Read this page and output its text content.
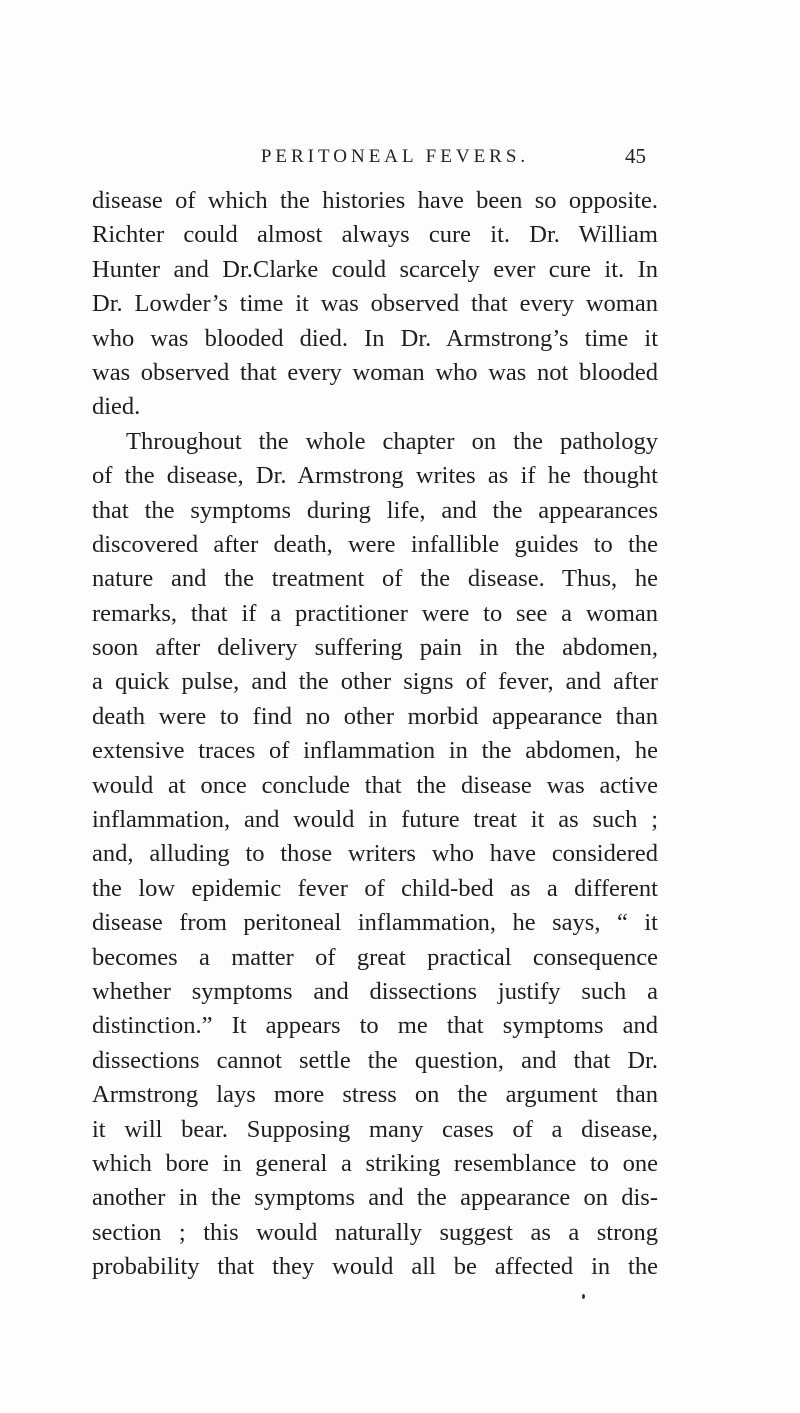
PERITONEAL FEVERS.	45
disease of which the histories have been so opposite.
Richter could almost always cure it. Dr. William
Hunter and Dr.Clarke could scarcely ever cure it. In
Dr. Lowder’s time it was observed that every woman
who was blooded died. In Dr. Armstrong’s time it
was observed that every woman who was not blooded
died.
Throughout the whole chapter on the pathology
of the disease, Dr. Armstrong writes as if he thought
that the symptoms during life, and the appearances
discovered after death, were infallible guides to the
nature and the treatment of the disease. Thus, he
remarks, that if a practitioner were to see a woman
soon after delivery suffering pain in the abdomen,
a quick pulse, and the other signs of fever, and after
death were to find no other morbid appearance than
extensive traces of inflammation in the abdomen, he
would at once conclude that the disease was active
inflammation, and would in future treat it as such ;
and, alluding to those writers who have considered
the low epidemic fever of child-bed as a different
disease from peritoneal inflammation, he says, “ it
becomes a matter of great practical consequence
whether symptoms and dissections justify such a
distinction.” It appears to me that symptoms and
dissections cannot settle the question, and that Dr.
Armstrong lays more stress on the argument than
it will bear. Supposing many cases of a disease,
which bore in general a striking resemblance to one
another in the symptoms and the appearance on dis-
section ; this would naturally suggest as a strong
probability that they would all be affected in the
